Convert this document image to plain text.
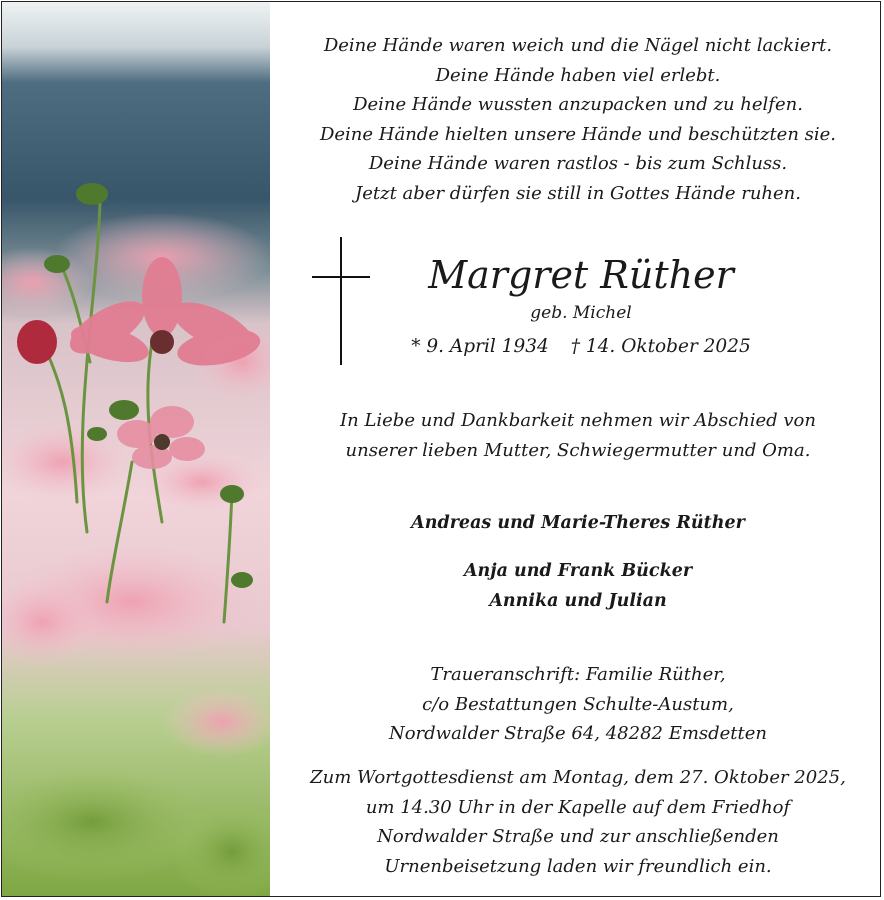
Deine Hände waren weich und die Nägel nicht lackiert.
Deine Hände haben viel erlebt.
Deine Hände wussten anzupacken und zu helfen.
Deine Hände hielten unsere Hände und beschützten sie.
Deine Hände waren rastlos - bis zum Schluss.
Jetzt aber dürfen sie still in Gottes Hände ruhen.
Margret Rüther
geb. Michel
* 9. April 1934 † 14. Oktober 2025
In Liebe und Dankbarkeit nehmen wir Abschied von
unserer lieben Mutter, Schwiegermutter und Oma.
Andreas und Marie-Theres Rüther
Anja und Frank Bücker
Annika und Julian
Traueranschrift: Familie Rüther,
c/o Bestattungen Schulte-Austum,
Nordwalder Straße 64, 48282 Emsdetten
Zum Wortgottesdienst am Montag, dem 27. Oktober 2025,
um 14.30 Uhr in der Kapelle auf dem Friedhof
Nordwalder Straße und zur anschließenden
Urnenbeisetzung laden wir freundlich ein.
